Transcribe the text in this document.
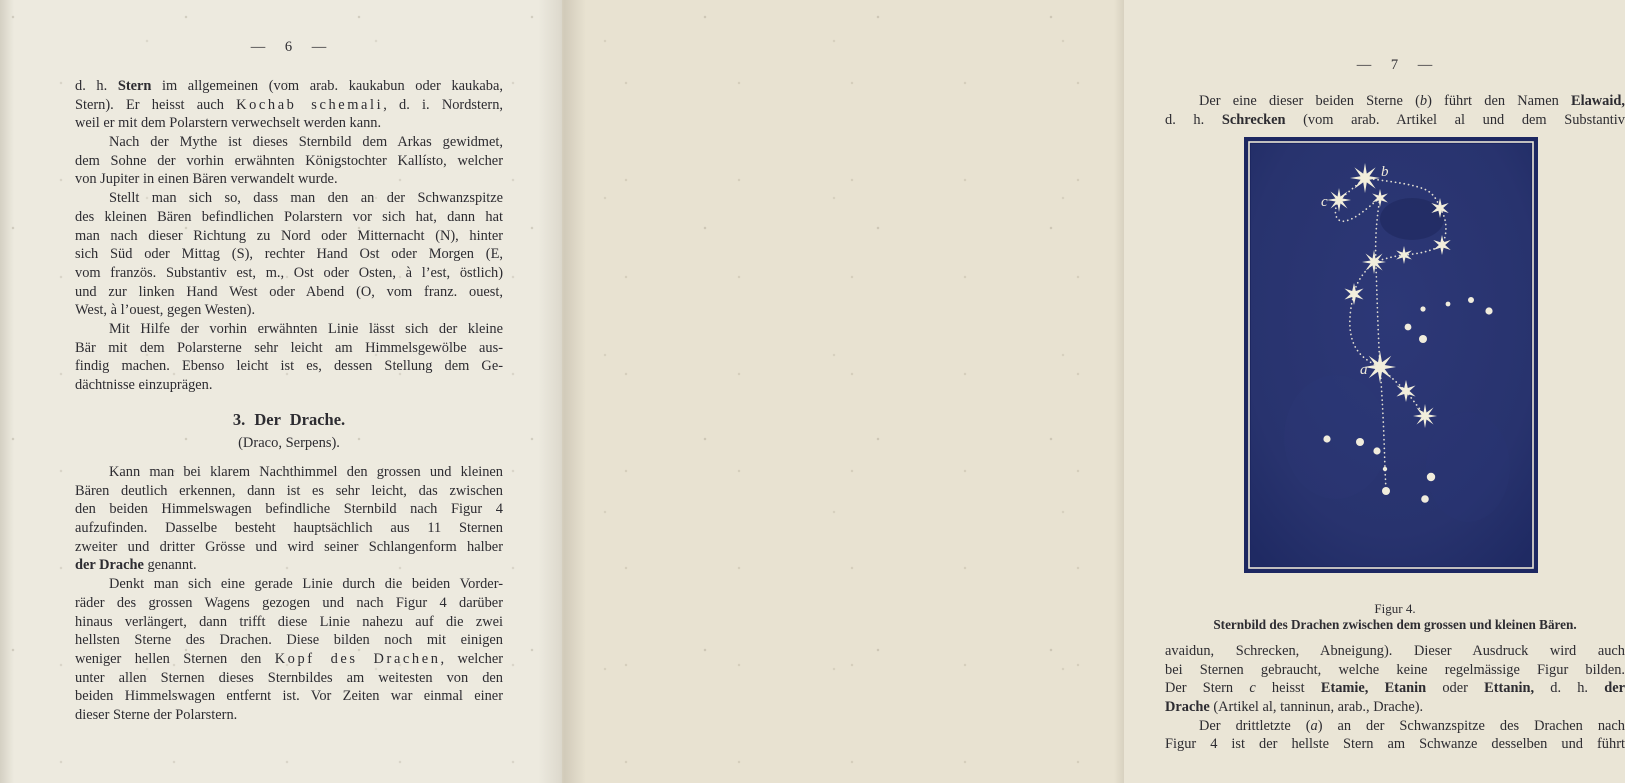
— 6 —
d. h. Stern im allgemeinen (vom arab. kaukabun oder kaukaba,
Stern). Er heisst auch Kochab schemali, d. i. Nordstern,
weil er mit dem Polarstern verwechselt werden kann.
Nach der Mythe ist dieses Sternbild dem Arkas gewidmet,
dem Sohne der vorhin erwähnten Königstochter Kallísto, welcher
von Jupiter in einen Bären verwandelt wurde.
Stellt man sich so, dass man den an der Schwanzspitze
des kleinen Bären befindlichen Polarstern vor sich hat, dann hat
man nach dieser Richtung zu Nord oder Mitternacht (N), hinter
sich Süd oder Mittag (S), rechter Hand Ost oder Morgen (E,
vom französ. Substantiv est, m., Ost oder Osten, à l’est, östlich)
und zur linken Hand West oder Abend (O, vom franz. ouest,
West, à l’ouest, gegen Westen).
Mit Hilfe der vorhin erwähnten Linie lässt sich der kleine
Bär mit dem Polarsterne sehr leicht am Himmelsgewölbe aus-
findig machen. Ebenso leicht ist es, dessen Stellung dem Ge-
dächtnisse einzuprägen.
3. Der Drache.
(Draco, Serpens).
Kann man bei klarem Nachthimmel den grossen und kleinen
Bären deutlich erkennen, dann ist es sehr leicht, das zwischen
den beiden Himmelswagen befindliche Sternbild nach Figur 4
aufzufinden. Dasselbe besteht hauptsächlich aus 11 Sternen
zweiter und dritter Grösse und wird seiner Schlangenform halber
der Drache genannt.
Denkt man sich eine gerade Linie durch die beiden Vorder-
räder des grossen Wagens gezogen und nach Figur 4 darüber
hinaus verlängert, dann trifft diese Linie nahezu auf die zwei
hellsten Sterne des Drachen. Diese bilden noch mit einigen
weniger hellen Sternen den Kopf des Drachen, welcher
unter allen Sternen dieses Sternbildes am weitesten von den
beiden Himmelswagen entfernt ist. Vor Zeiten war einmal einer
dieser Sterne der Polarstern.
— 7 —
Der eine dieser beiden Sterne (b) führt den Namen Elawaid,
d. h. Schrecken (vom arab. Artikel al und dem Substantiv
b
c
a
Figur 4.
Sternbild des Drachen zwischen dem grossen und kleinen Bären.
avaidun, Schrecken, Abneigung). Dieser Ausdruck wird auch
bei Sternen gebraucht, welche keine regelmässige Figur bilden.
Der Stern c heisst Etamie, Etanin oder Ettanin, d. h. der
Drache (Artikel al, tanninun, arab., Drache).
Der drittletzte (a) an der Schwanzspitze des Drachen nach
Figur 4 ist der hellste Stern am Schwanze desselben und führt
